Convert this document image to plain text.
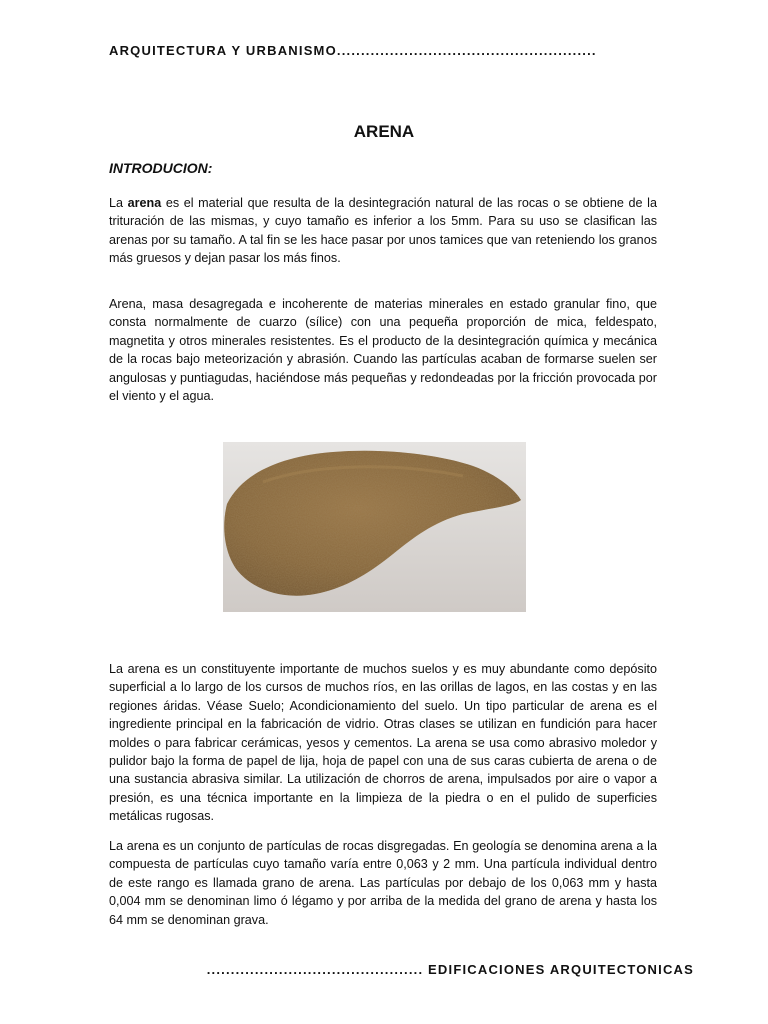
ARQUITECTURA Y URBANISMO......................................................
ARENA
INTRODUCION:

La arena es el material que resulta de la desintegración natural de las rocas o se obtiene de la trituración de las mismas, y cuyo tamaño es inferior a los 5mm. Para su uso se clasifican las arenas por su tamaño. A tal fin se les hace pasar por unos tamices que van reteniendo los granos más gruesos y dejan pasar los más finos.

Arena, masa desagregada e incoherente de materias minerales en estado granular fino, que consta normalmente de cuarzo (sílice) con una pequeña proporción de mica, feldespato, magnetita y otros minerales resistentes. Es el producto de la desintegración química y mecánica de la rocas bajo meteorización y abrasión. Cuando las partículas acaban de formarse suelen ser angulosas y puntiagudas, haciéndose más pequeñas y redondeadas por la fricción provocada por el viento y el agua.

La arena es un constituyente importante de muchos suelos y es muy abundante como depósito superficial a lo largo de los cursos de muchos ríos, en las orillas de lagos, en las costas y en las regiones áridas. Véase Suelo; Acondicionamiento del suelo. Un tipo particular de arena es el ingrediente principal en la fabricación de vidrio. Otras clases se utilizan en fundición para hacer moldes o para fabricar cerámicas, yesos y cementos. La arena se usa como abrasivo moledor y pulidor bajo la forma de papel de lija, hoja de papel con una de sus caras cubierta de arena o de una sustancia abrasiva similar. La utilización de chorros de arena, impulsados por aire o vapor a presión, es una técnica importante en la limpieza de la piedra o en el pulido de superficies metálicas rugosas.

La arena es un conjunto de partículas de rocas disgregadas. En geología se denomina arena a la compuesta de partículas cuyo tamaño varía entre 0,063 y 2 mm. Una partícula individual dentro de este rango es llamada grano de arena. Las partículas por debajo de los 0,063 mm y hasta 0,004 mm se denominan limo ó légamo y por arriba de la medida del grano de arena y hasta los 64 mm se denominan grava.

............................................. EDIFICACIONES ARQUITECTONICAS
